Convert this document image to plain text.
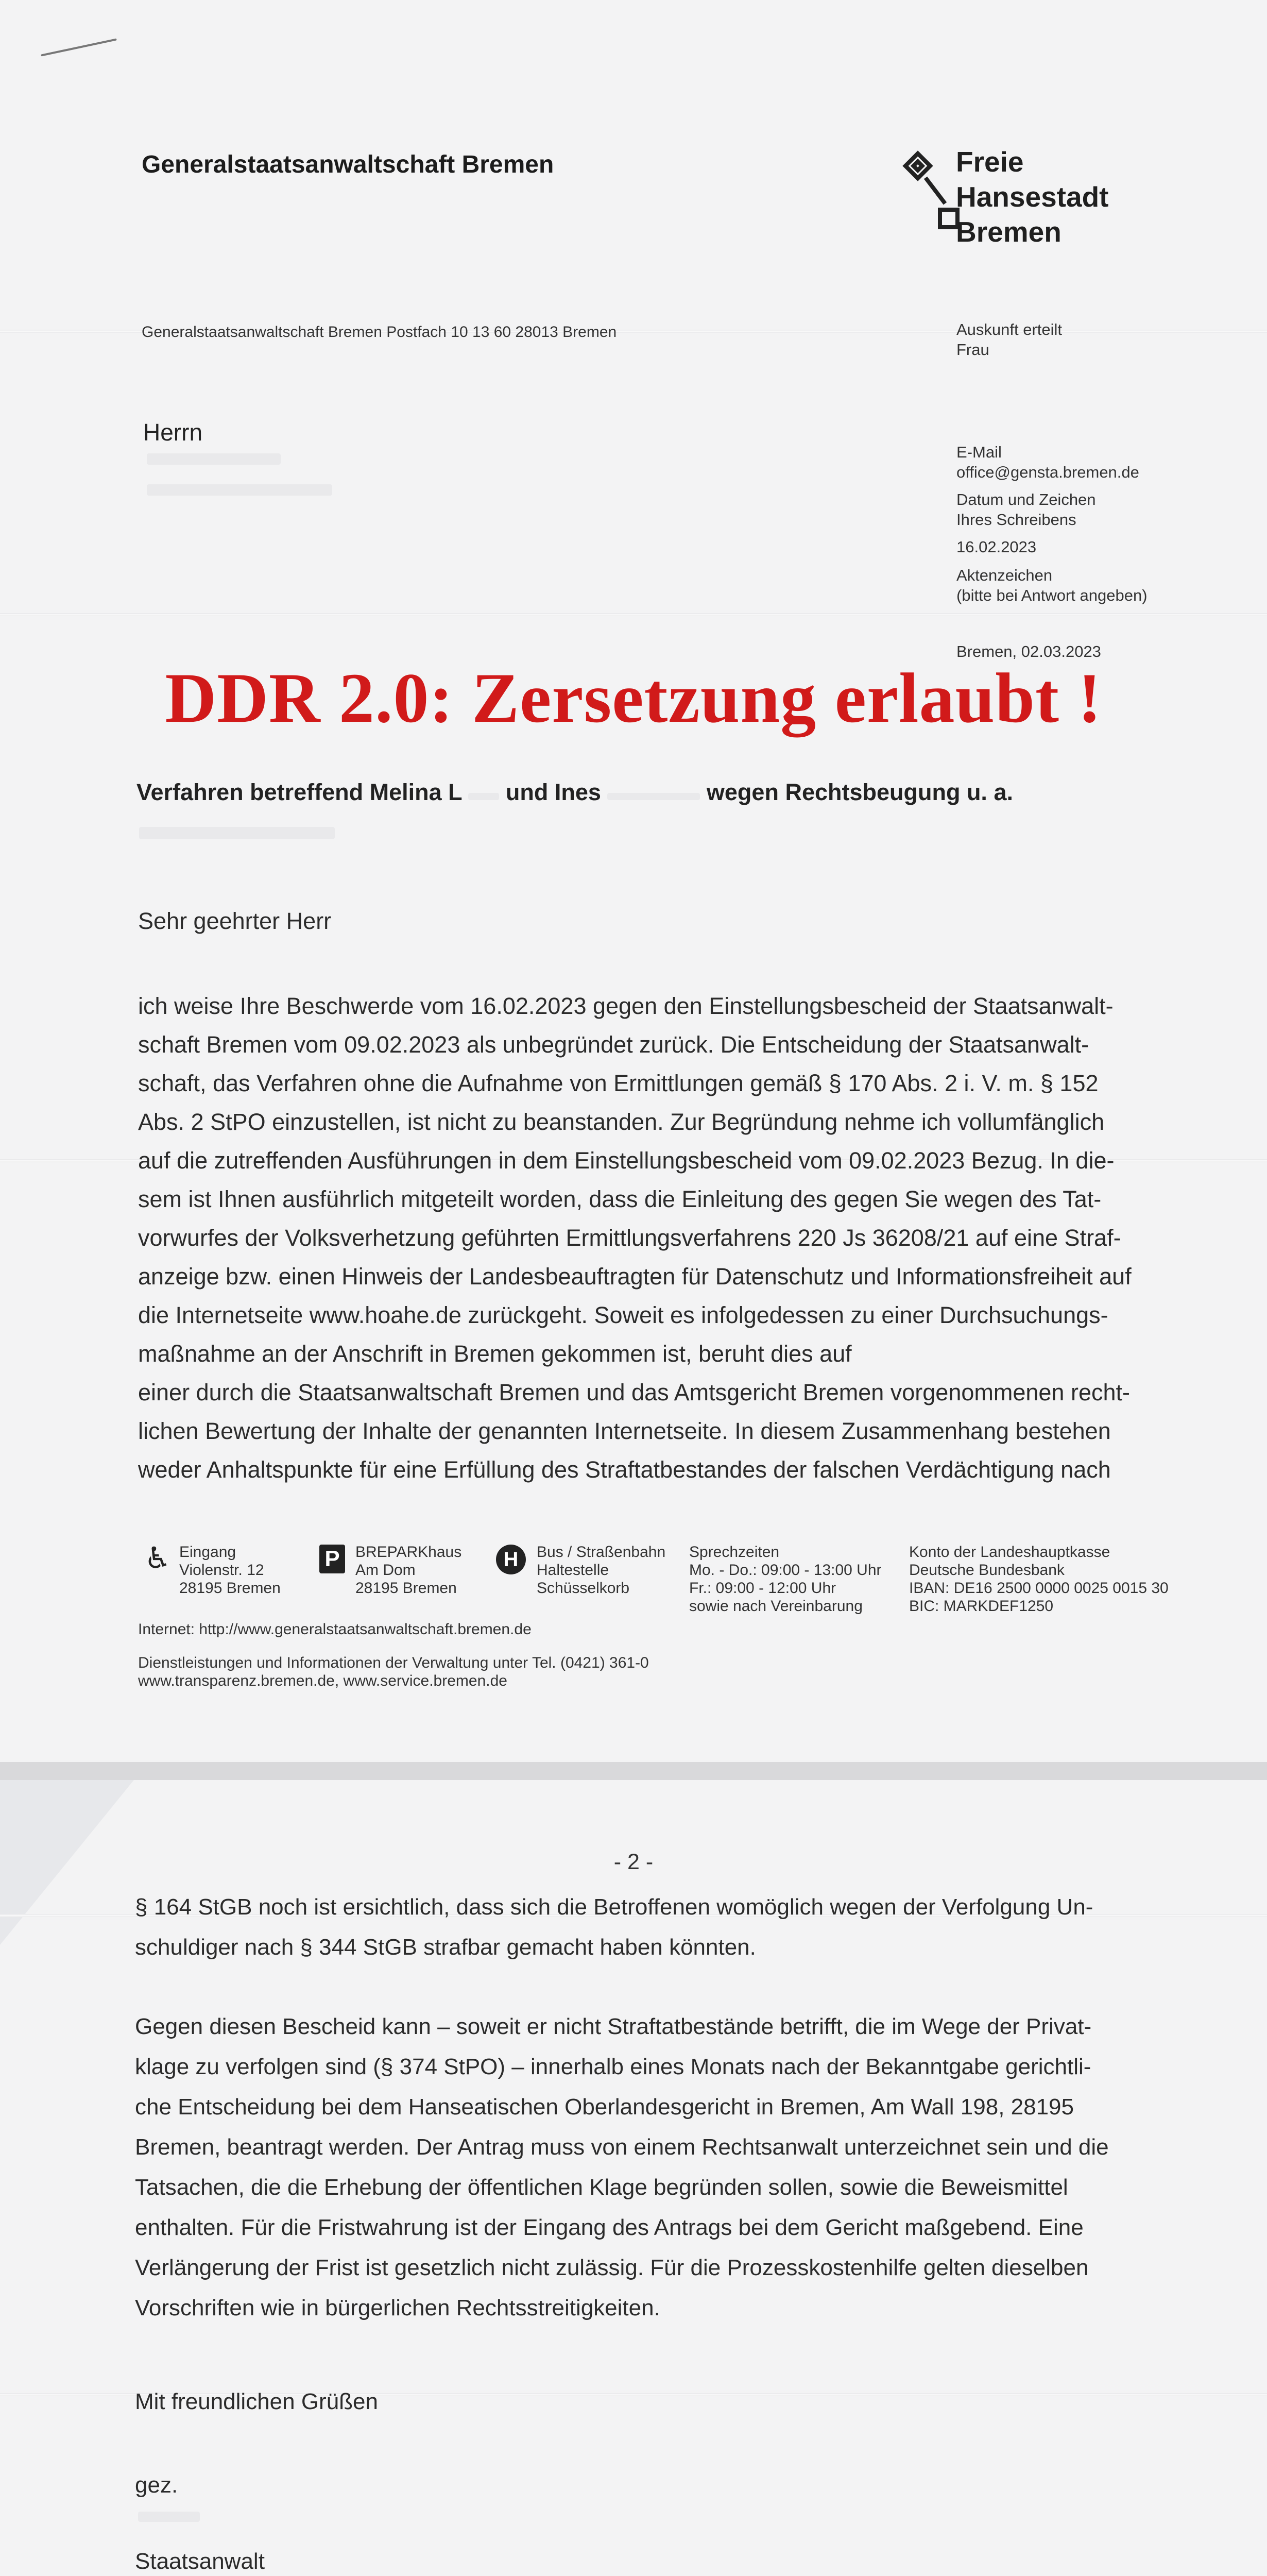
Generalstaatsanwaltschaft Bremen	Freie
Hansestadt
Bremen
Generalstaatsanwaltschaft Bremen Postfach 10 13 60 28013 Bremen	Auskunft erteilt
Frau
E-Mail
office@gensta.bremen.de
Datum und Zeichen
Ihres Schreibens
16.02.2023
Aktenzeichen
(bitte bei Antwort angeben)
Bremen, 02.03.2023
Herrn
DDR 2.0: Zersetzung erlaubt !
Verfahren betreffend Melina L und Ines	wegen Rechtsbeugung u. a.
Sehr geehrter Herr
ich weise Ihre Beschwerde vom 16.02.2023 gegen den Einstellungsbescheid der Staatsanwalt-
schaft Bremen vom 09.02.2023 als unbegründet zurück. Die Entscheidung der Staatsanwalt-
schaft, das Verfahren ohne die Aufnahme von Ermittlungen gemäß § 170 Abs. 2 i. V. m. § 152
Abs. 2 StPO einzustellen, ist nicht zu beanstanden. Zur Begründung nehme ich vollumfänglich
auf die zutreffenden Ausführungen in dem Einstellungsbescheid vom 09.02.2023 Bezug. In die-
sem ist Ihnen ausführlich mitgeteilt worden, dass die Einleitung des gegen Sie wegen des Tat-
vorwurfes der Volksverhetzung geführten Ermittlungsverfahrens 220 Js 36208/21 auf eine Straf-
anzeige bzw. einen Hinweis der Landesbeauftragten für Datenschutz und Informationsfreiheit auf
die Internetseite www.hoahe.de zurückgeht. Soweit es infolgedessen zu einer Durchsuchungs-
maßnahme an der Anschrift in Bremen gekommen ist, beruht dies auf
einer durch die Staatsanwaltschaft Bremen und das Amtsgericht Bremen vorgenommenen recht-
lichen Bewertung der Inhalte der genannten Internetseite. In diesem Zusammenhang bestehen
weder Anhaltspunkte für eine Erfüllung des Straftatbestandes der falschen Verdächtigung nach
♿ Eingang
Violenstr. 12
28195 Bremen
P	BREPARKhaus
Am Dom
28195 Bremen
H	Bus / Straßenbahn
Haltestelle
Schüsselkorb
Sprechzeiten
Mo. - Do.: 09:00 - 13:00 Uhr
Fr.: 09:00 - 12:00 Uhr
sowie nach Vereinbarung
Konto der Landeshauptkasse
Deutsche Bundesbank
IBAN: DE16 2500 0000 0025 0015 30
BIC: MARKDEF1250
Internet: http://www.generalstaatsanwaltschaft.bremen.de
Dienstleistungen und Informationen der Verwaltung unter Tel. (0421) 361-0
www.transparenz.bremen.de, www.service.bremen.de
- 2 -
§ 164 StGB noch ist ersichtlich, dass sich die Betroffenen womöglich wegen der Verfolgung Un-
schuldiger nach § 344 StGB strafbar gemacht haben könnten.
Gegen diesen Bescheid kann – soweit er nicht Straftatbestände betrifft, die im Wege der Privat-
klage zu verfolgen sind (§ 374 StPO) – innerhalb eines Monats nach der Bekanntgabe gerichtli-
che Entscheidung bei dem Hanseatischen Oberlandesgericht in Bremen, Am Wall 198, 28195
Bremen, beantragt werden. Der Antrag muss von einem Rechtsanwalt unterzeichnet sein und die
Tatsachen, die die Erhebung der öffentlichen Klage begründen sollen, sowie die Beweismittel
enthalten. Für die Fristwahrung ist der Eingang des Antrags bei dem Gericht maßgebend. Eine
Verlängerung der Frist ist gesetzlich nicht zulässig. Für die Prozesskostenhilfe gelten dieselben
Vorschriften wie in bürgerlichen Rechtsstreitigkeiten.
Mit freundlichen Grüßen
gez.
Staatsanwalt
